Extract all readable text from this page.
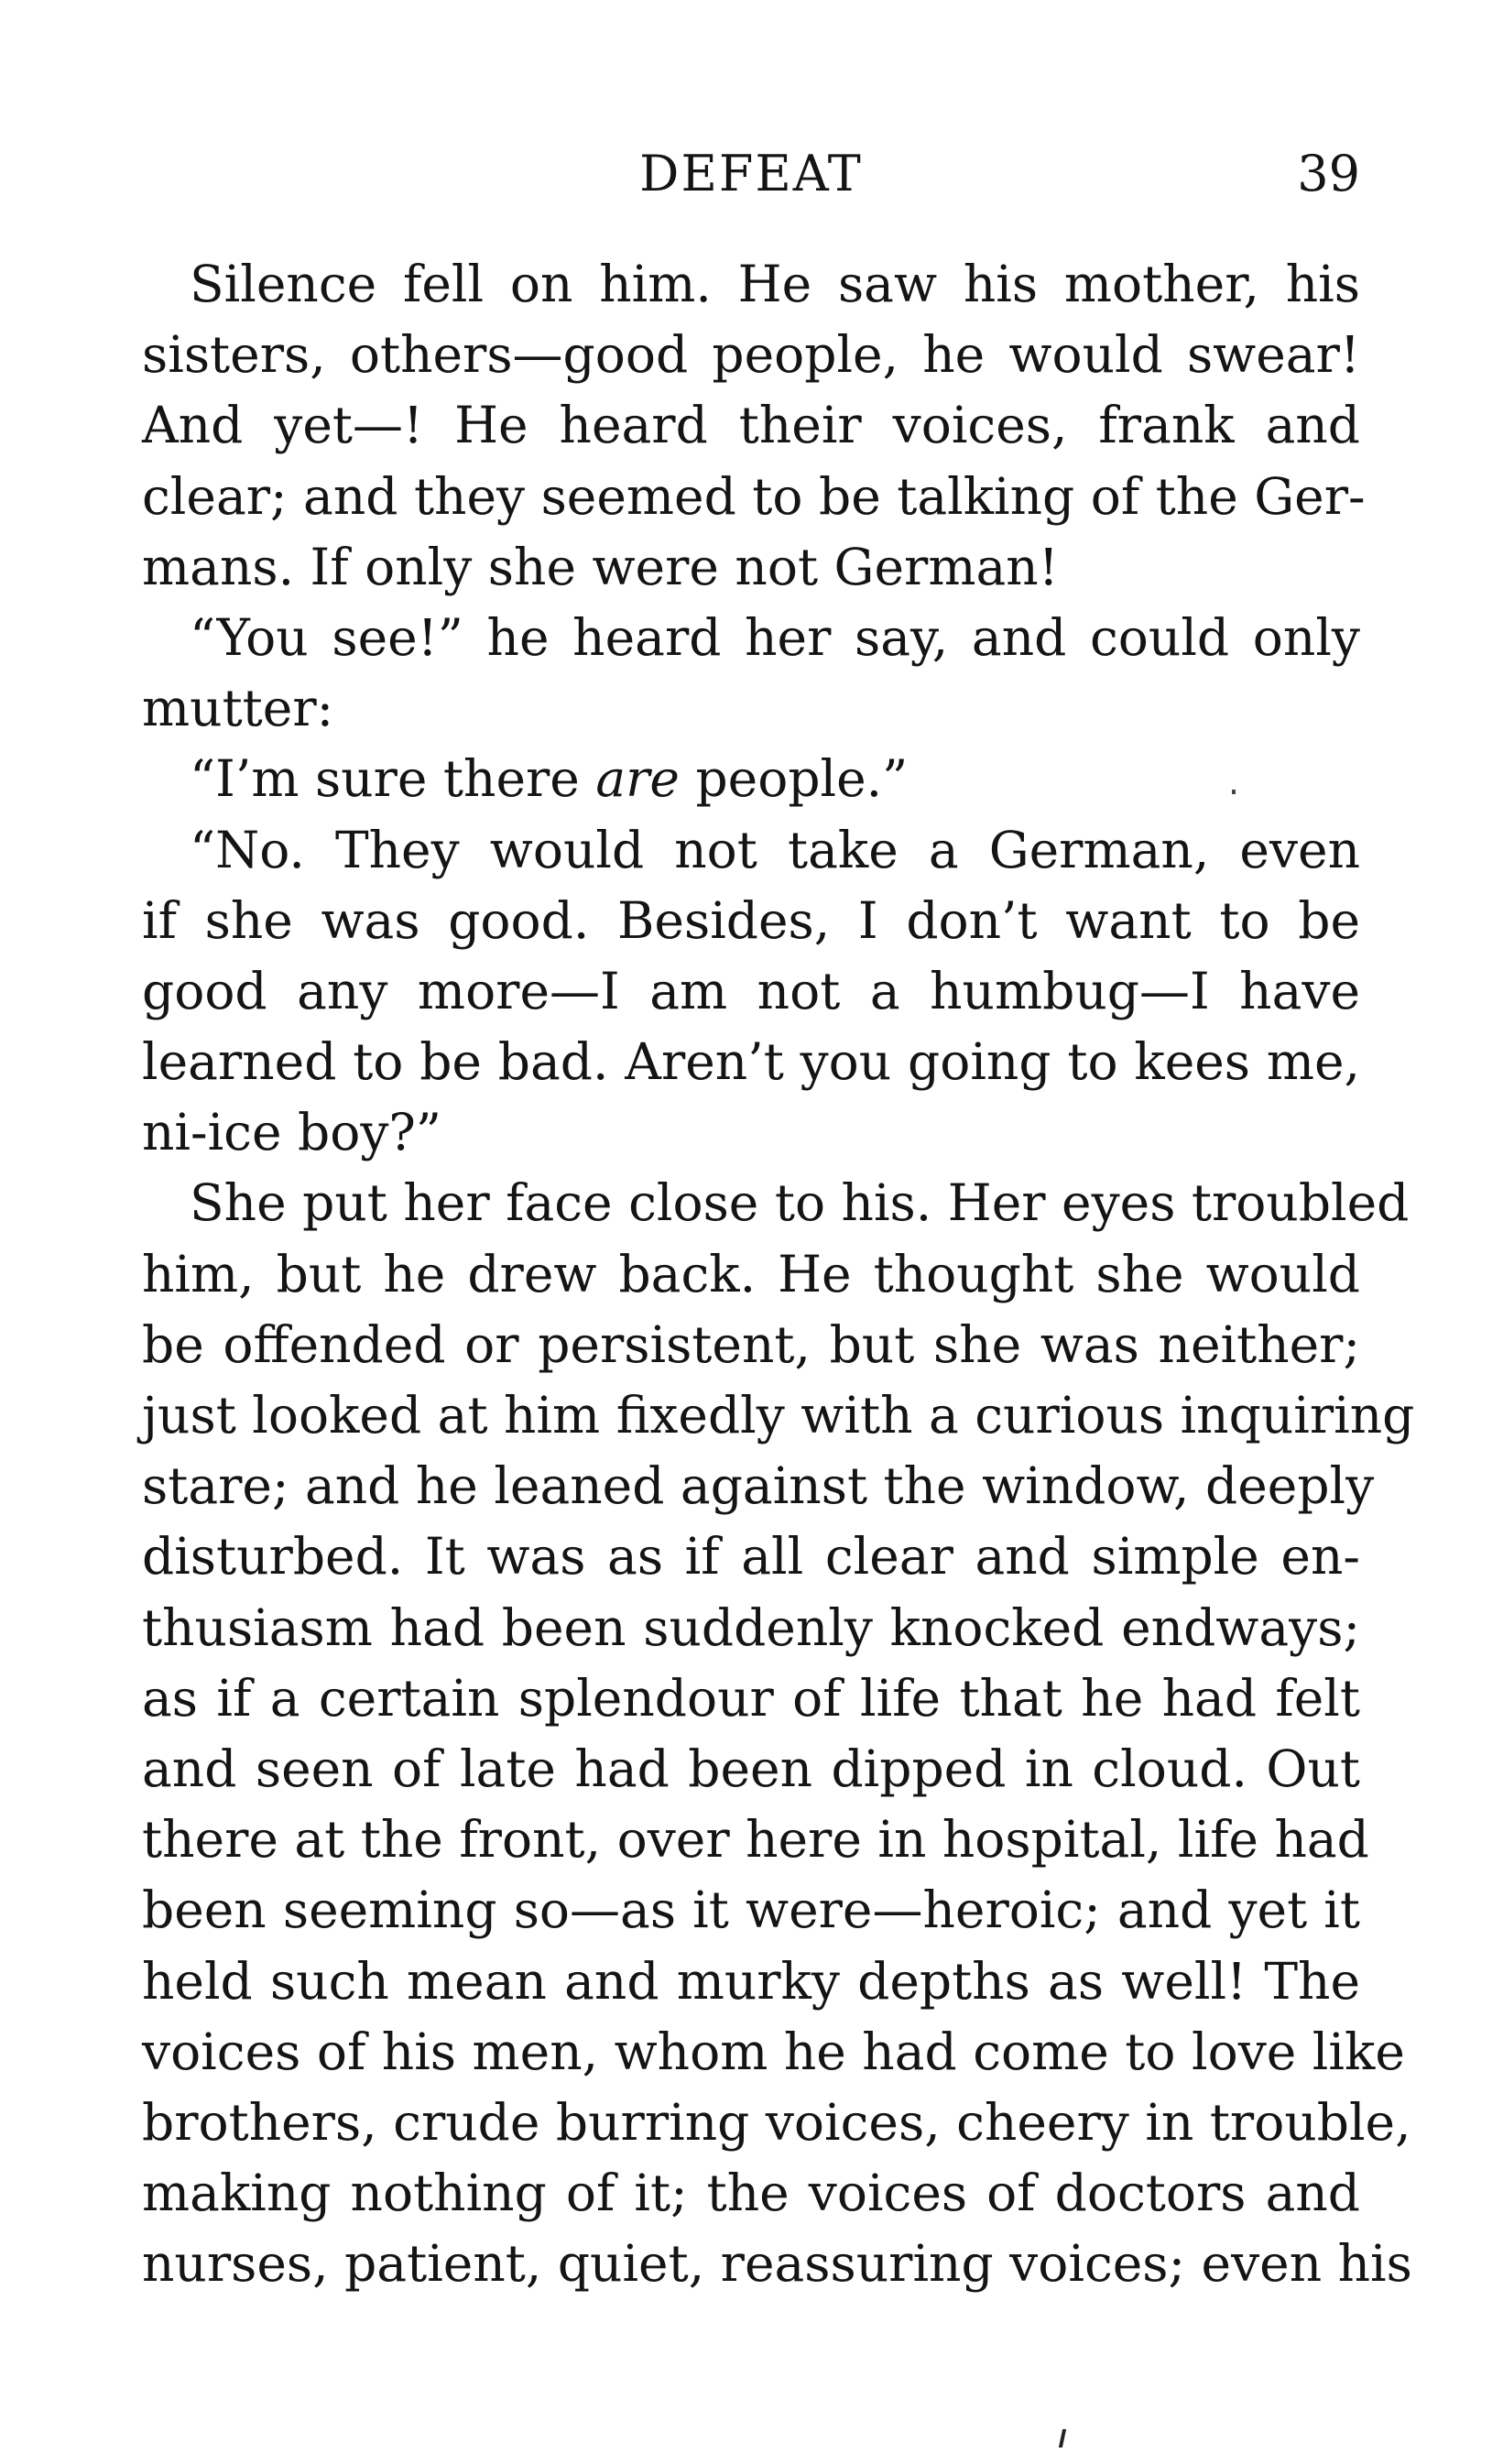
DEFEAT	39
Silence fell on him. He saw his mother, his
sisters, others—good people, he would swear!
And yet—! He heard their voices, frank and
clear; and they seemed to be talking of the Ger-
mans. If only she were not German!
“You see!” he heard her say, and could only
mutter:
“I’m sure there are people.”
“No. They would not take a German, even
if she was good. Besides, I don’t want to be
good any more—I am not a humbug—I have
learned to be bad. Aren’t you going to kees me,
ni-ice boy?”
She put her face close to his. Her eyes troubled
him, but he drew back. He thought she would
be offended or persistent, but she was neither;
just looked at him fixedly with a curious inquiring
stare; and he leaned against the window, deeply
disturbed. It was as if all clear and simple en-
thusiasm had been suddenly knocked endways;
as if a certain splendour of life that he had felt
and seen of late had been dipped in cloud. Out
there at the front, over here in hospital, life had
been seeming so—as it were—heroic; and yet it
held such mean and murky depths as well! The
voices of his men, whom he had come to love like
brothers, crude burring voices, cheery in trouble,
making nothing of it; the voices of doctors and
nurses, patient, quiet, reassuring voices; even his
